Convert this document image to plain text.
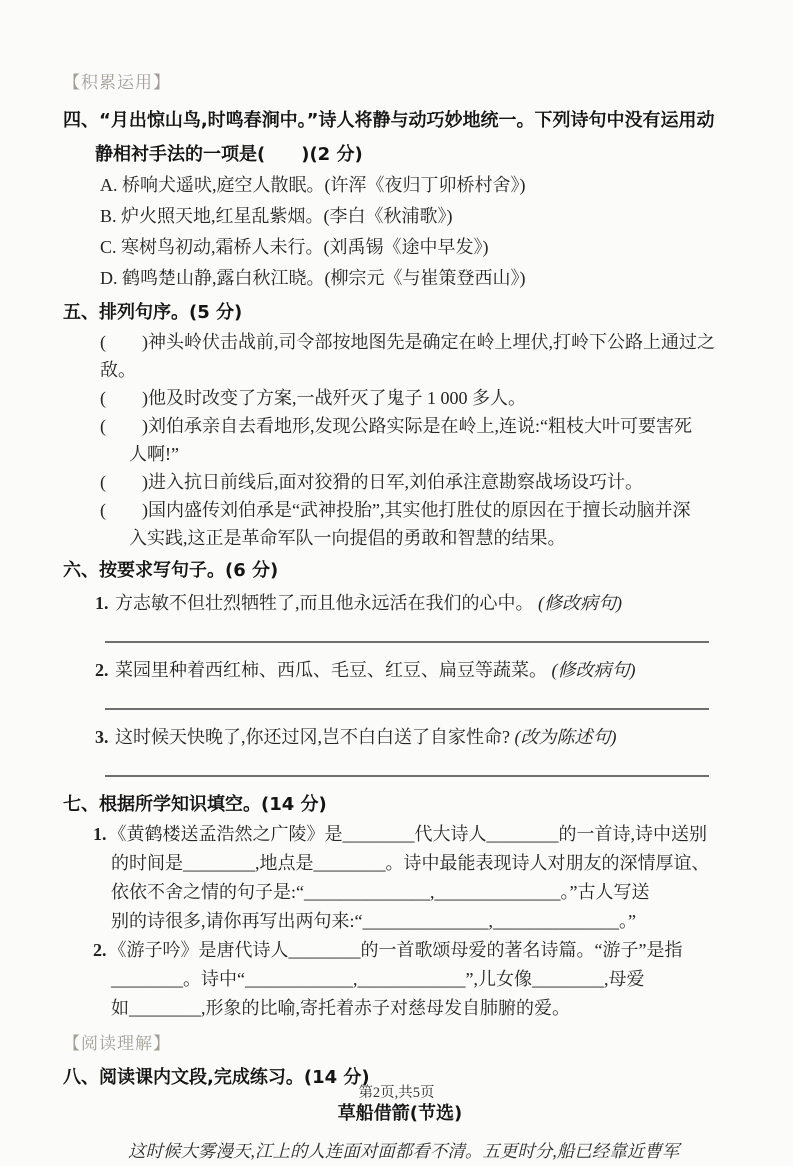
【积累运用】
四、“月出惊山鸟,时鸣春涧中。”诗人将静与动巧妙地统一。下列诗句中没有运用动
静相衬手法的一项是(　　)(2 分)
A. 桥响犬遥吠,庭空人散眠。(许浑《夜归丁卯桥村舍》)
B. 炉火照天地,红星乱紫烟。(李白《秋浦歌》)
C. 寒树鸟初动,霜桥人未行。(刘禹锡《途中早发》)
D. 鹤鸣楚山静,露白秋江晓。(柳宗元《与崔策登西山》)
五、排列句序。(5 分)
(　　)神头岭伏击战前,司令部按地图先是确定在岭上埋伏,打岭下公路上通过之敌。
(　　)他及时改变了方案,一战歼灭了鬼子 1 000 多人。
(　　)刘伯承亲自去看地形,发现公路实际是在岭上,连说:“粗枝大叶可要害死
人啊!”
(　　)进入抗日前线后,面对狡猾的日军,刘伯承注意勘察战场设巧计。
(　　)国内盛传刘伯承是“武神投胎”,其实他打胜仗的原因在于擅长动脑并深
入实践,这正是革命军队一向提倡的勇敢和智慧的结果。
六、按要求写句子。(6 分)
1. 方志敏不但壮烈牺牲了,而且他永远活在我们的心中。 (修改病句)
2. 菜园里种着西红柿、西瓜、毛豆、红豆、扁豆等蔬菜。 (修改病句)
3. 这时候天快晚了,你还过冈,岂不白白送了自家性命? (改为陈述句)
七、根据所学知识填空。(14 分)
1. 《黄鹤楼送孟浩然之广陵》是________代大诗人________的一首诗,诗中送别
的时间是________,地点是________。诗中最能表现诗人对朋友的深情厚谊、
依依不舍之情的句子是:“______________,______________。”古人写送
别的诗很多,请你再写出两句来:“______________,______________。”
2. 《游子吟》是唐代诗人________的一首歌颂母爱的著名诗篇。“游子”是指
________。诗中“____________,____________”,儿女像________,母爱
如________,形象的比喻,寄托着赤子对慈母发自肺腑的爱。
【阅读理解】
八、阅读课内文段,完成练习。(14 分)
草船借箭(节选)
这时候大雾漫天,江上的人连面对面都看不清。五更时分,船已经靠近曹军
第2页,共5页
